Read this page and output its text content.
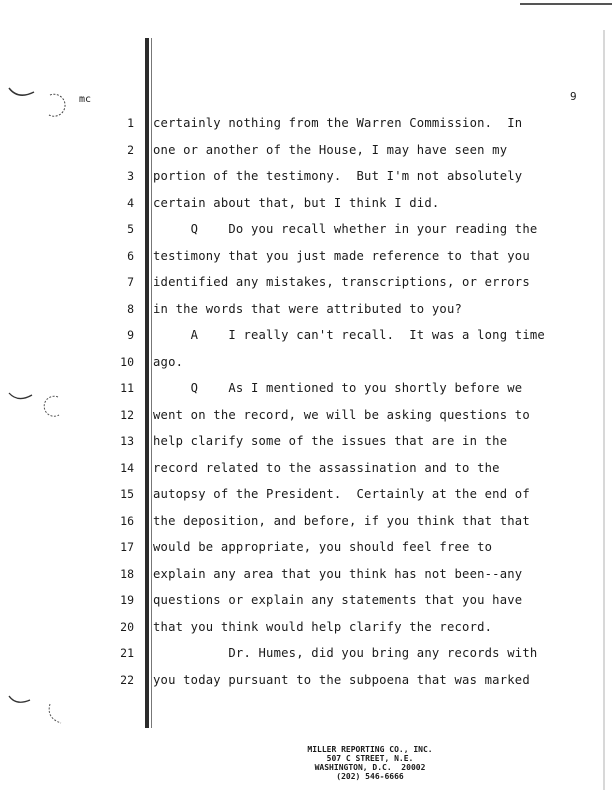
mc	9
1 certainly nothing from the Warren Commission.  In
2 one or another of the House, I may have seen my
3 portion of the testimony.  But I'm not absolutely
4 certain about that, but I think I did.
5 Q    Do you recall whether in your reading the
6 testimony that you just made reference to that you
7 identified any mistakes, transcriptions, or errors
8 in the words that were attributed to you?
9 A    I really can't recall.  It was a long time
10 ago.
11 Q    As I mentioned to you shortly before we
12 went on the record, we will be asking questions to
13 help clarify some of the issues that are in the
14 record related to the assassination and to the
15 autopsy of the President.  Certainly at the end of
16 the deposition, and before, if you think that that
17 would be appropriate, you should feel free to
18 explain any area that you think has not been--any
19 questions or explain any statements that you have
20 that you think would help clarify the record.
21 Dr. Humes, did you bring any records with
22 you today pursuant to the subpoena that was marked
MILLER REPORTING CO., INC.
507 C STREET, N.E.
WASHINGTON, D.C.  20002
(202) 546-6666
